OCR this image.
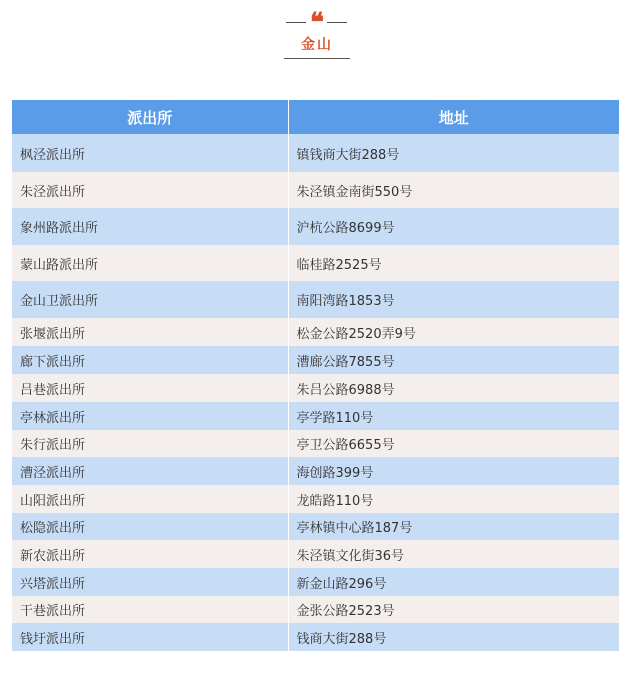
❝
金山
派出所	地址
枫泾派出所	镇钱商大街288号
朱泾派出所	朱泾镇金南街550号
象州路派出所	沪杭公路8699号
蒙山路派出所	临桂路2525号
金山卫派出所	南阳湾路1853号
张堰派出所	松金公路2520弄9号
廊下派出所	漕廊公路7855号
吕巷派出所	朱吕公路6988号
亭林派出所	亭学路110号
朱行派出所	亭卫公路6655号
漕泾派出所	海创路399号
山阳派出所	龙皓路110号
松隐派出所	亭林镇中心路187号
新农派出所	朱泾镇文化街36号
兴塔派出所	新金山路296号
干巷派出所	金张公路2523号
钱圩派出所	钱商大街288号
